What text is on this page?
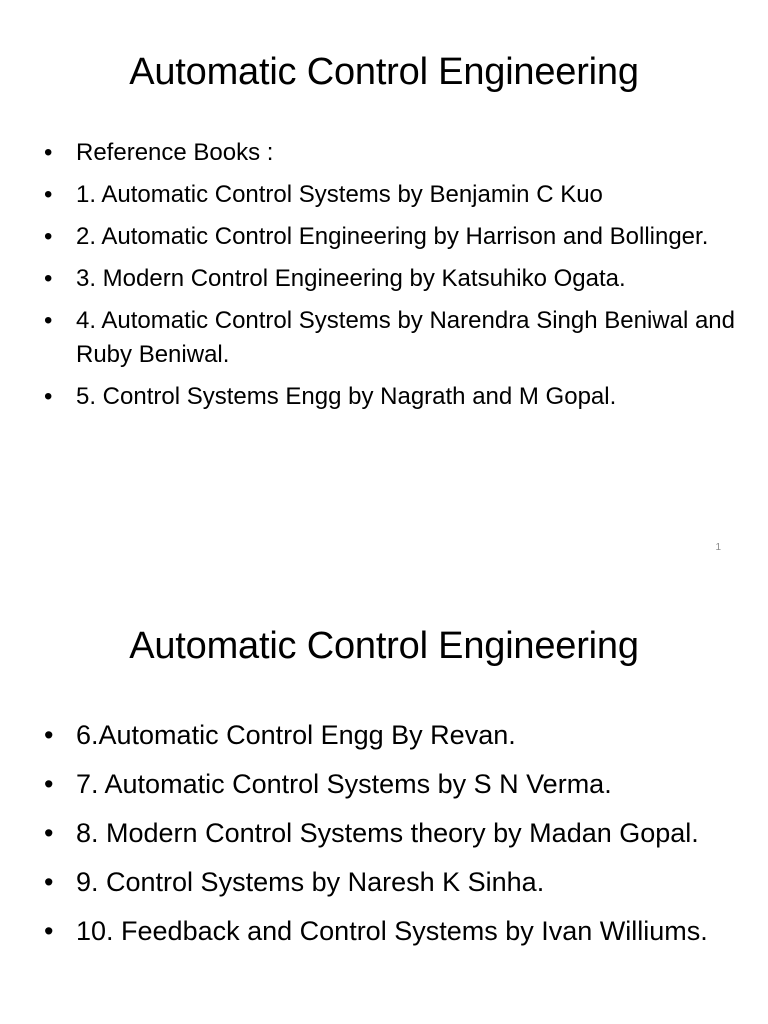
Automatic Control Engineering
• Reference Books :
• 1. Automatic Control Systems by Benjamin C Kuo
• 2. Automatic Control Engineering by Harrison and Bollinger.
• 3. Modern Control Engineering by Katsuhiko Ogata.
• 4. Automatic Control Systems by Narendra Singh Beniwal and Ruby Beniwal.
• 5. Control Systems Engg by Nagrath and M Gopal.
1
Automatic Control Engineering
• 6.Automatic Control Engg By Revan.
• 7. Automatic Control Systems by S N Verma.
• 8. Modern Control Systems theory by Madan Gopal.
• 9. Control Systems by Naresh K Sinha.
• 10. Feedback and Control Systems by Ivan Williums.
